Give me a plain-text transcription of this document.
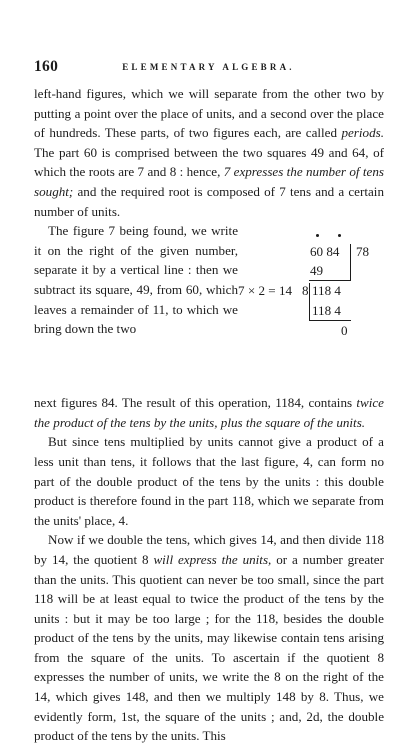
160	ELEMENTARY ALGEBRA.

left-hand figures, which we will separate from the other two by putting a point over the place of units, and a second over the place of hundreds. These parts, of two figures each, are called periods. The part 60 is comprised between the two squares 49 and 64, of which the roots are 7 and 8 : hence, 7 expresses the number of tens sought; and the required root is composed of 7 tens and a certain number of units.

The figure 7 being found, we write it on the right of the given number, separate it by a vertical line : then we subtract its square, 49, from 60, which leaves a remainder of 11, to which we bring down the two

60 84 78
49
7 × 2 = 14 8 118 4
118 4
0

next figures 84. The result of this operation, 1184, contains twice the product of the tens by the units, plus the square of the units.

But since tens multiplied by units cannot give a product of a less unit than tens, it follows that the last figure, 4, can form no part of the double product of the tens by the units : this double product is therefore found in the part 118, which we separate from the units' place, 4.

Now if we double the tens, which gives 14, and then divide 118 by 14, the quotient 8 will express the units, or a number greater than the units. This quotient can never be too small, since the part 118 will be at least equal to twice the product of the tens by the units : but it may be too large ; for the 118, besides the double product of the tens by the units, may likewise contain tens arising from the square of the units. To ascertain if the quotient 8 expresses the number of units, we write the 8 on the right of the 14, which gives 148, and then we multiply 148 by 8. Thus, we evidently form, 1st, the square of the units ; and, 2d, the double product of the tens by the units. This
